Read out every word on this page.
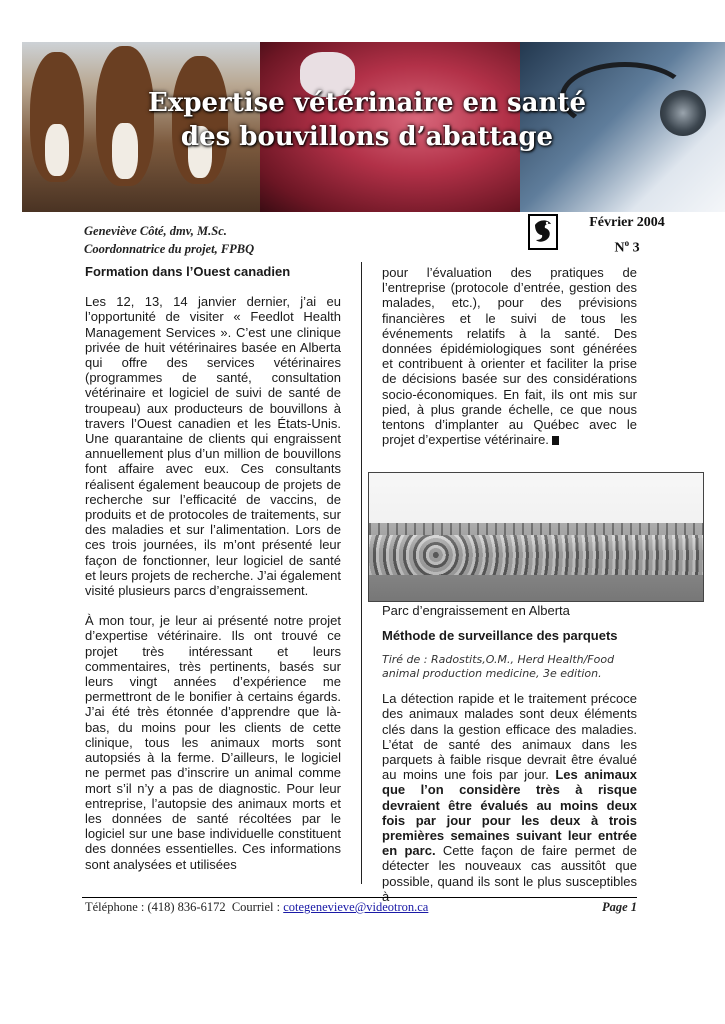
Expertise vétérinaire en santé
des bouvillons d’abattage
Geneviève Côté, dmv, M.Sc.
Coordonnatrice du projet, FPBQ
Février 2004
$N^o$ 3

Formation dans l’Ouest canadien

Les 12, 13, 14 janvier dernier, j’ai eu l’opportunité de visiter « Feedlot Health Management Services ». C’est une clinique privée de huit vétérinaires basée en Alberta qui offre des services vétérinaires (programmes de santé, consultation vétérinaire et logiciel de suivi de santé de troupeau) aux producteurs de bouvillons à travers l’Ouest canadien et les États-Unis. Une quarantaine de clients qui engraissent annuellement plus d’un million de bouvillons font affaire avec eux. Ces consultants réalisent également beaucoup de projets de recherche sur l’efficacité de vaccins, de produits et de protocoles de traitements, sur des maladies et sur l’alimentation. Lors de ces trois journées, ils m’ont présenté leur façon de fonctionner, leur logiciel de santé et leurs projets de recherche. J’ai également visité plusieurs parcs d’engraissement.

À mon tour, je leur ai présenté notre projet d’expertise vétérinaire. Ils ont trouvé ce projet très intéressant et leurs commentaires, très pertinents, basés sur leurs vingt années d’expérience me permettront de le bonifier à certains égards. J’ai été très étonnée d’apprendre que là-bas, du moins pour les clients de cette clinique, tous les animaux morts sont autopsiés à la ferme. D’ailleurs, le logiciel ne permet pas d’inscrire un animal comme mort s’il n’y a pas de diagnostic. Pour leur entreprise, l’autopsie des animaux morts et les données de santé récoltées par le logiciel sur une base individuelle constituent des données essentielles. Ces informations sont analysées et utilisées

pour l’évaluation des pratiques de l’entreprise (protocole d’entrée, gestion des malades, etc.), pour des prévisions financières et le suivi de tous les événements relatifs à la santé. Des données épidémiologiques sont générées et contribuent à orienter et faciliter la prise de décisions basée sur des considérations socio-économiques. En fait, ils ont mis sur pied, à plus grande échelle, ce que nous tentons d’implanter au Québec avec le projet d’expertise vétérinaire.

Parc d’engraissement en Alberta

Méthode de surveillance des parquets

Tiré de : Radostits,O.M., Herd Health/Food
animal production medicine, 3e edition.

La détection rapide et le traitement précoce des animaux malades sont deux éléments clés dans la gestion efficace des maladies. L’état de santé des animaux dans les parquets à faible risque devrait être évalué au moins une fois par jour. Les animaux que l’on considère très à risque devraient être évalués au moins deux fois par jour pour les deux à trois premières semaines suivant leur entrée en parc. Cette façon de faire permet de détecter les nouveaux cas aussitôt que possible, quand ils sont le plus susceptibles

Téléphone : (418) 836-6172 Courriel : cotegenevieve@videotron.ca	Page 1
